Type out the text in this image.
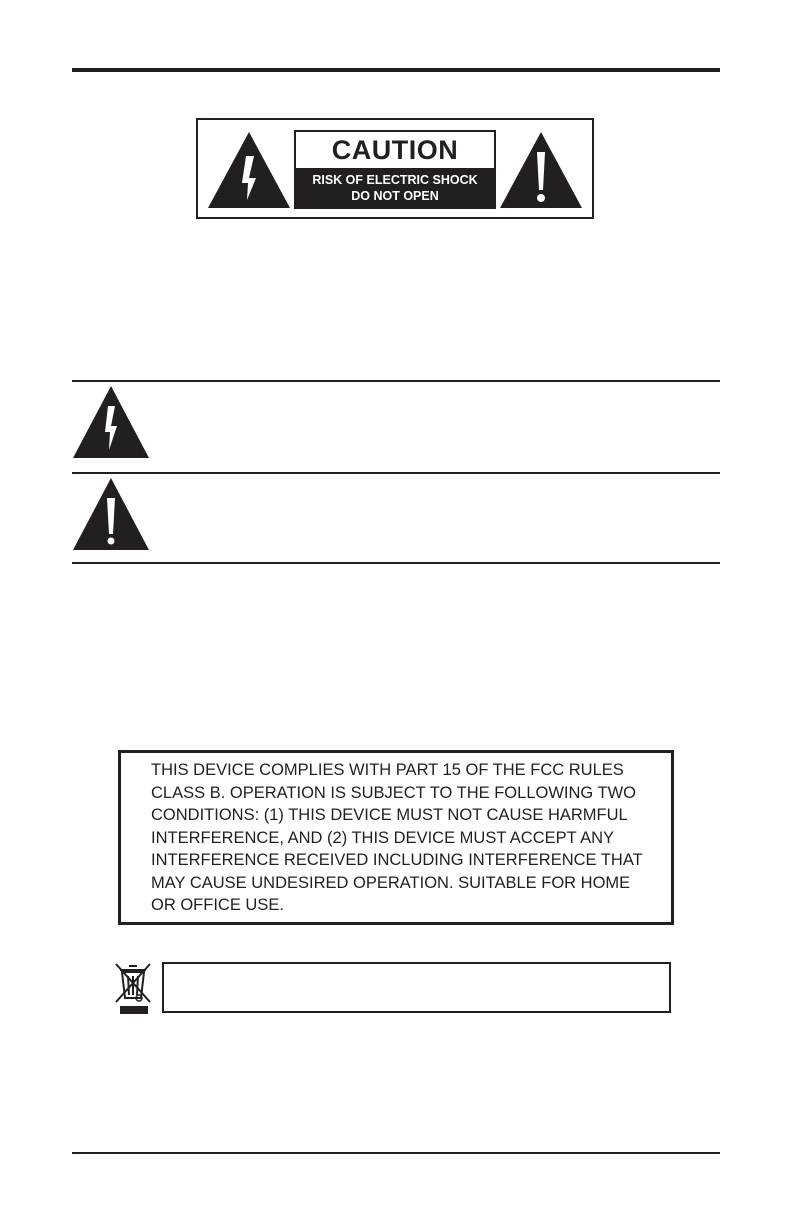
CAUTION
RISK OF ELECTRIC SHOCK
DO NOT OPEN
THIS DEVICE COMPLIES WITH PART 15 OF THE FCC RULES
CLASS B. OPERATION IS SUBJECT TO THE FOLLOWING TWO
CONDITIONS: (1) THIS DEVICE MUST NOT CAUSE HARMFUL
INTERFERENCE, AND (2) THIS DEVICE MUST ACCEPT ANY
INTERFERENCE RECEIVED INCLUDING INTERFERENCE THAT
MAY CAUSE UNDESIRED OPERATION. SUITABLE FOR HOME
OR OFFICE USE.
